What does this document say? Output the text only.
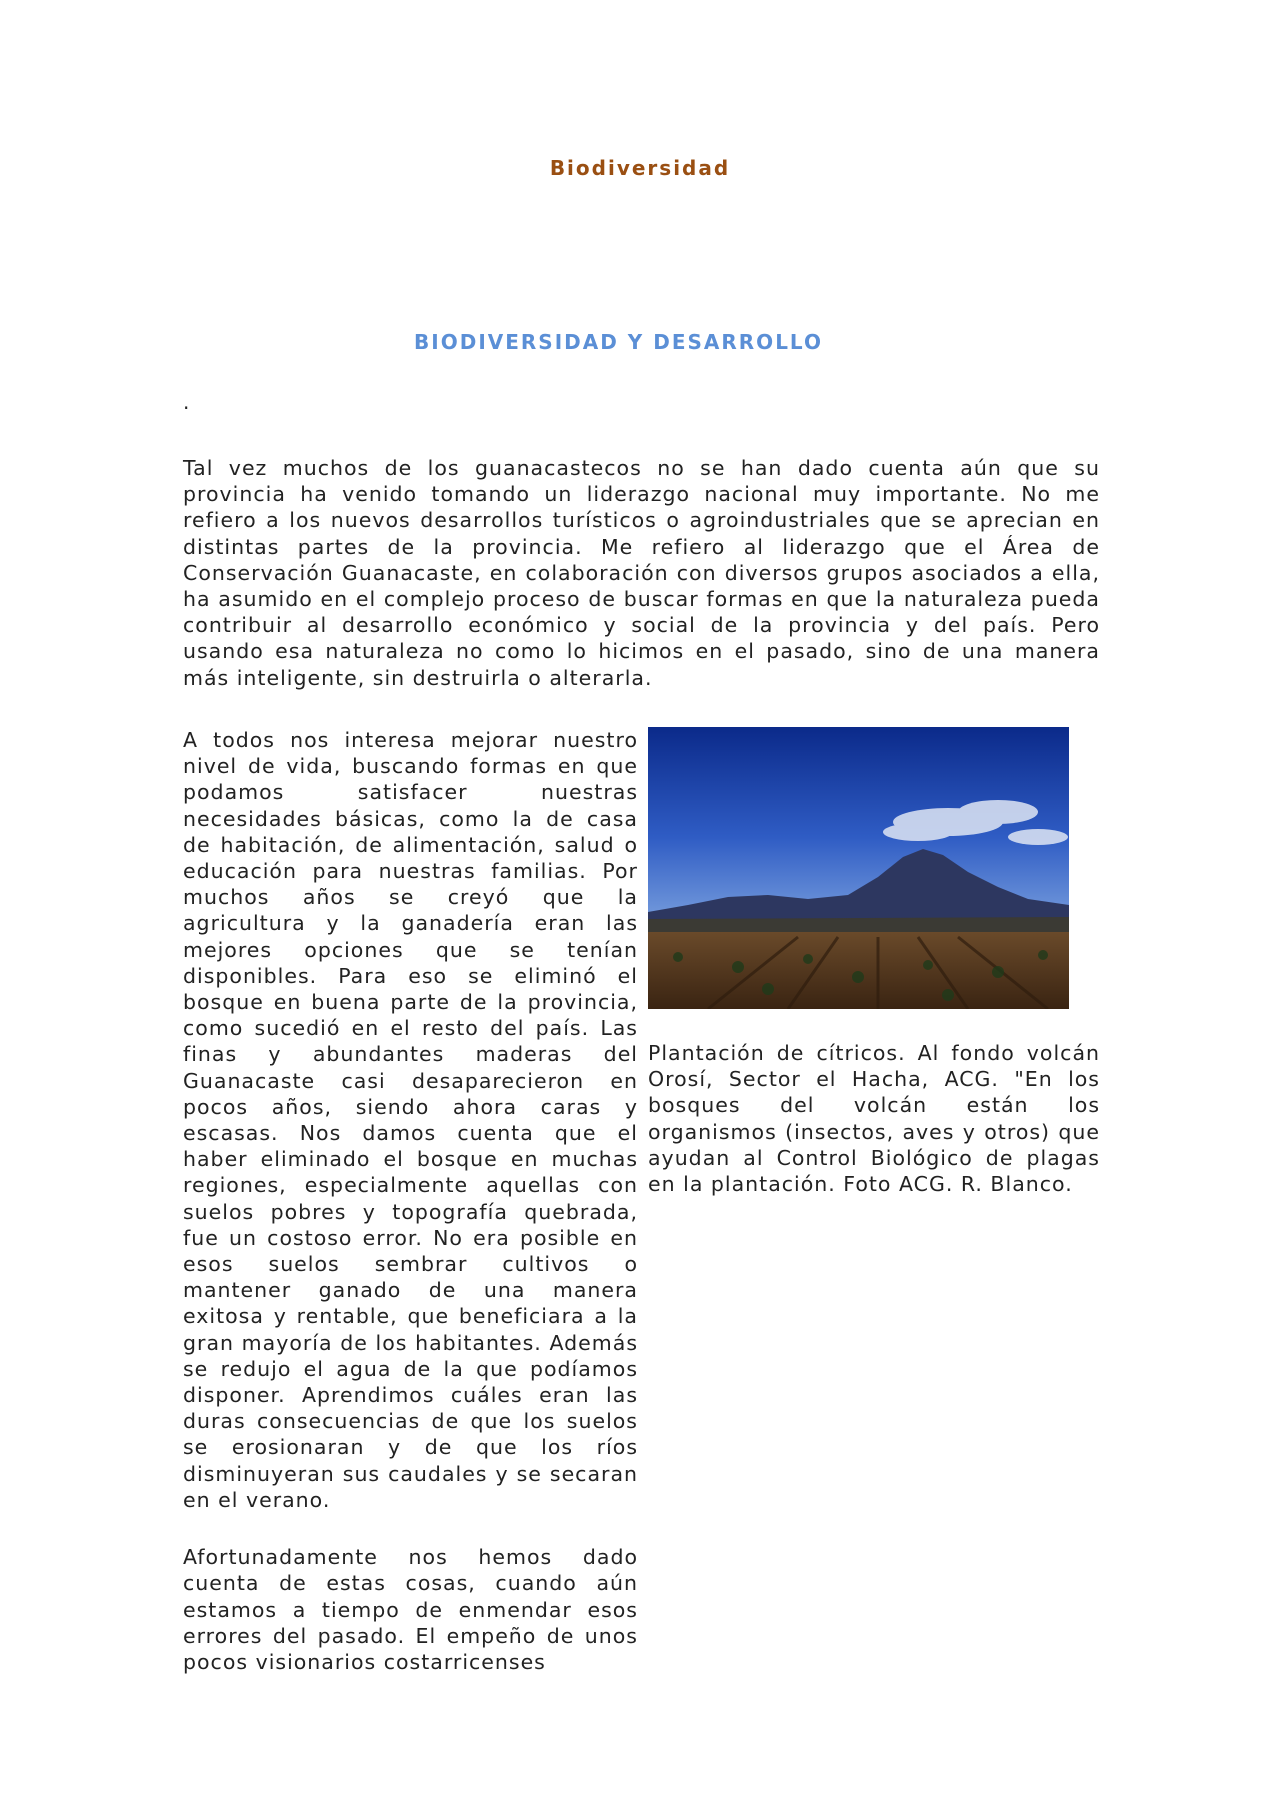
Biodiversidad
BIODIVERSIDAD Y DESARROLLO
.

Tal vez muchos de los guanacastecos no se han dado cuenta aún que su provincia ha venido tomando un liderazgo nacional muy importante. No me refiero a los nuevos desarrollos turísticos o agroindustriales que se aprecian en distintas partes de la provincia. Me refiero al liderazgo que el Área de Conservación Guanacaste, en colaboración con diversos grupos asociados a ella, ha asumido en el complejo proceso de buscar formas en que la naturaleza pueda contribuir al desarrollo económico y social de la provincia y del país. Pero usando esa naturaleza no como lo hicimos en el pasado, sino de una manera más inteligente, sin destruirla o alterarla.

A todos nos interesa mejorar nuestro nivel de vida, buscando formas en que podamos satisfacer nuestras necesidades básicas, como la de casa de habitación, de alimentación, salud o educación para nuestras familias. Por muchos años se creyó que la agricultura y la ganadería eran las mejores opciones que se tenían disponibles. Para eso se eliminó el bosque en buena parte de la provincia, como sucedió en el resto del país. Las finas y abundantes maderas del Guanacaste casi desaparecieron en pocos años, siendo ahora caras y escasas. Nos damos cuenta que el haber eliminado el bosque en muchas regiones, especialmente aquellas con suelos pobres y topografía quebrada, fue un costoso error. No era posible en esos suelos sembrar cultivos o mantener ganado de una manera exitosa y rentable, que beneficiara a la gran mayoría de los habitantes. Además se redujo el agua de la que podíamos disponer. Aprendimos cuáles eran las duras consecuencias de que los suelos se erosionaran y de que los ríos disminuyeran sus caudales y se secaran en el verano.

Afortunadamente nos hemos dado cuenta de estas cosas, cuando aún estamos a tiempo de enmendar esos errores del pasado. El empeño de unos pocos visionarios costarricenses

Plantación de cítricos. Al fondo volcán Orosí, Sector el Hacha, ACG. "En los bosques del volcán están los organismos (insectos, aves y otros) que ayudan al Control Biológico de plagas en la plantación. Foto ACG. R. Blanco.
